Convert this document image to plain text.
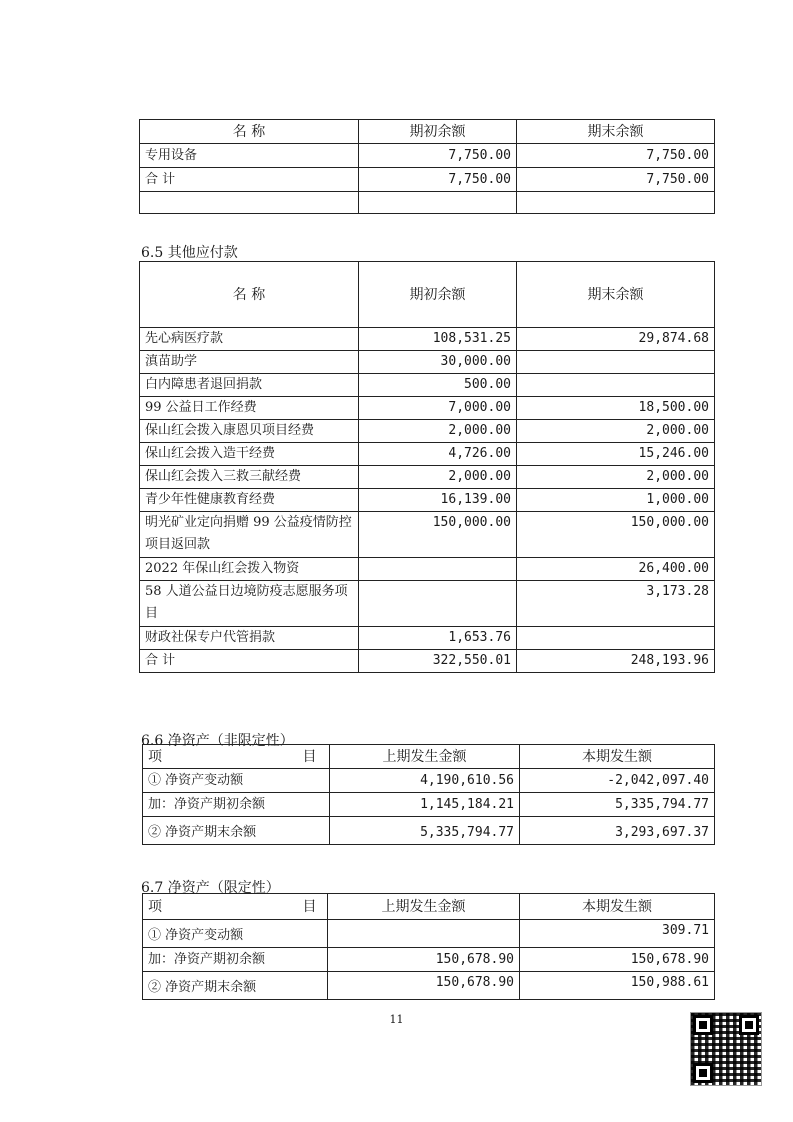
名 称	期初余额	期末余额
专用设备	7,750.00	7,750.00
合 计	7,750.00	7,750.00

6.5 其他应付款
名 称	期初余额	期末余额
先心病医疗款	108,531.25	29,874.68
滇苗助学	30,000.00	
白内障患者退回捐款	500.00	
99 公益日工作经费	7,000.00	18,500.00
保山红会拨入康恩贝项目经费	2,000.00	2,000.00
保山红会拨入造干经费	4,726.00	15,246.00
保山红会拨入三救三献经费	2,000.00	2,000.00
青少年性健康教育经费	16,139.00	1,000.00
明光矿业定向捐赠 99 公益疫情防控项目返回款	150,000.00	150,000.00
2022 年保山红会拨入物资		26,400.00
58 人道公益日边境防疫志愿服务项目		3,173.28
财政社保专户代管捐款	1,653.76	
合 计	322,550.01	248,193.96
6.6 净资产（非限定性）
项 目	上期发生金额	本期发生额
① 净资产变动额	4,190,610.56	-2,042,097.40
加：净资产期初余额	1,145,184.21	5,335,794.77
② 净资产期末余额	5,335,794.77	3,293,697.37
6.7 净资产（限定性）
项 目	上期发生金额	本期发生额
① 净资产变动额		309.71
加：净资产期初余额	150,678.90	150,678.90
② 净资产期末余额	150,678.90	150,988.61
11
